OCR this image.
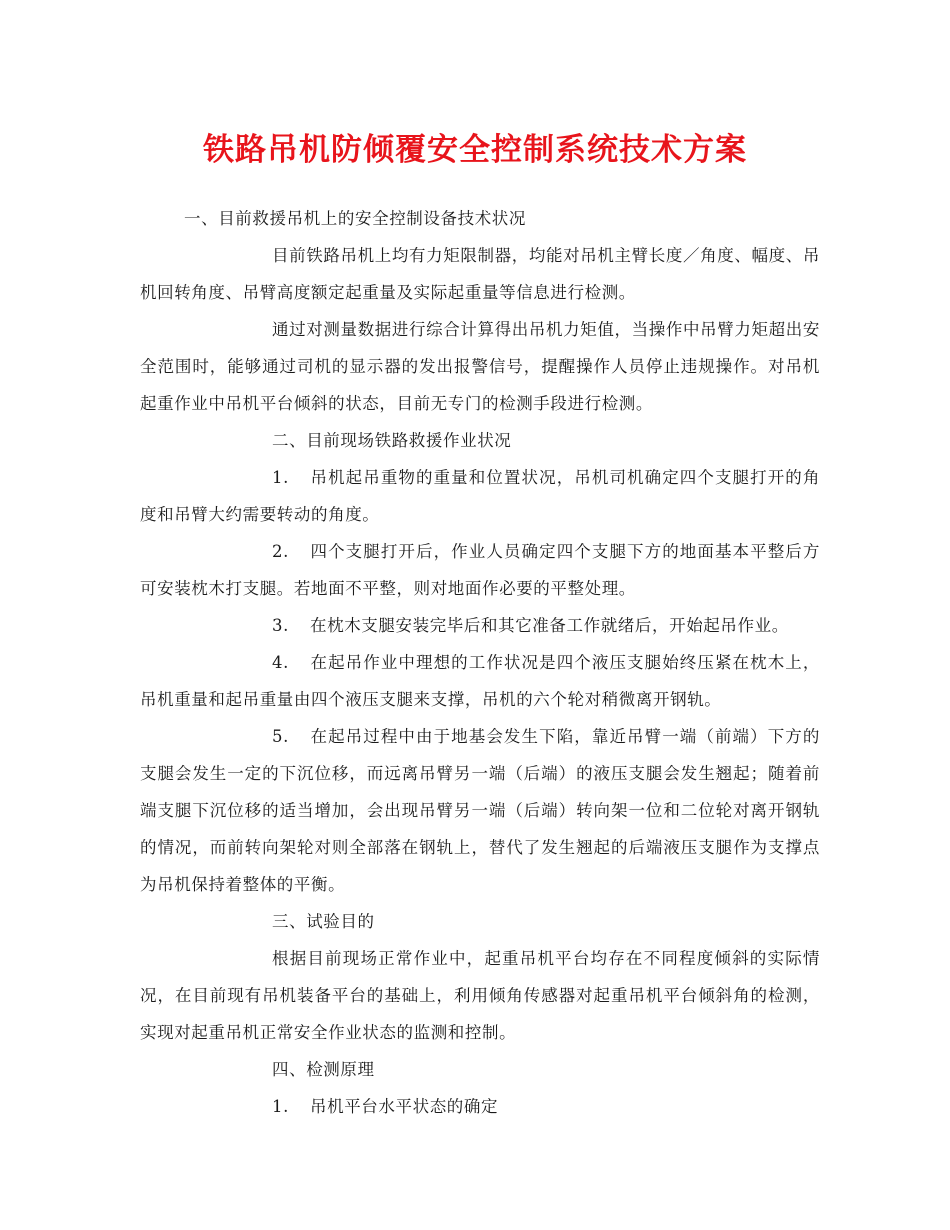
铁路吊机防倾覆安全控制系统技术方案

一、目前救援吊机上的安全控制设备技术状况

目前铁路吊机上均有力矩限制器，均能对吊机主臂长度／角度、幅度、吊机回转角度、吊臂高度额定起重量及实际起重量等信息进行检测。

通过对测量数据进行综合计算得出吊机力矩值，当操作中吊臂力矩超出安全范围时，能够通过司机的显示器的发出报警信号，提醒操作人员停止违规操作。对吊机起重作业中吊机平台倾斜的状态，目前无专门的检测手段进行检测。

二、目前现场铁路救援作业状况

1. 吊机起吊重物的重量和位置状况，吊机司机确定四个支腿打开的角度和吊臂大约需要转动的角度。

2. 四个支腿打开后，作业人员确定四个支腿下方的地面基本平整后方可安装枕木打支腿。若地面不平整，则对地面作必要的平整处理。

3. 在枕木支腿安装完毕后和其它准备工作就绪后，开始起吊作业。

4. 在起吊作业中理想的工作状况是四个液压支腿始终压紧在枕木上，吊机重量和起吊重量由四个液压支腿来支撑，吊机的六个轮对稍微离开钢轨。

5. 在起吊过程中由于地基会发生下陷，靠近吊臂一端（前端）下方的支腿会发生一定的下沉位移，而远离吊臂另一端（后端）的液压支腿会发生翘起；随着前端支腿下沉位移的适当增加，会出现吊臂另一端（后端）转向架一位和二位轮对离开钢轨的情况，而前转向架轮对则全部落在钢轨上，替代了发生翘起的后端液压支腿作为支撑点为吊机保持着整体的平衡。

三、试验目的

根据目前现场正常作业中，起重吊机平台均存在不同程度倾斜的实际情况，在目前现有吊机装备平台的基础上，利用倾角传感器对起重吊机平台倾斜角的检测，实现对起重吊机正常安全作业状态的监测和控制。

四、检测原理

1. 吊机平台水平状态的确定
